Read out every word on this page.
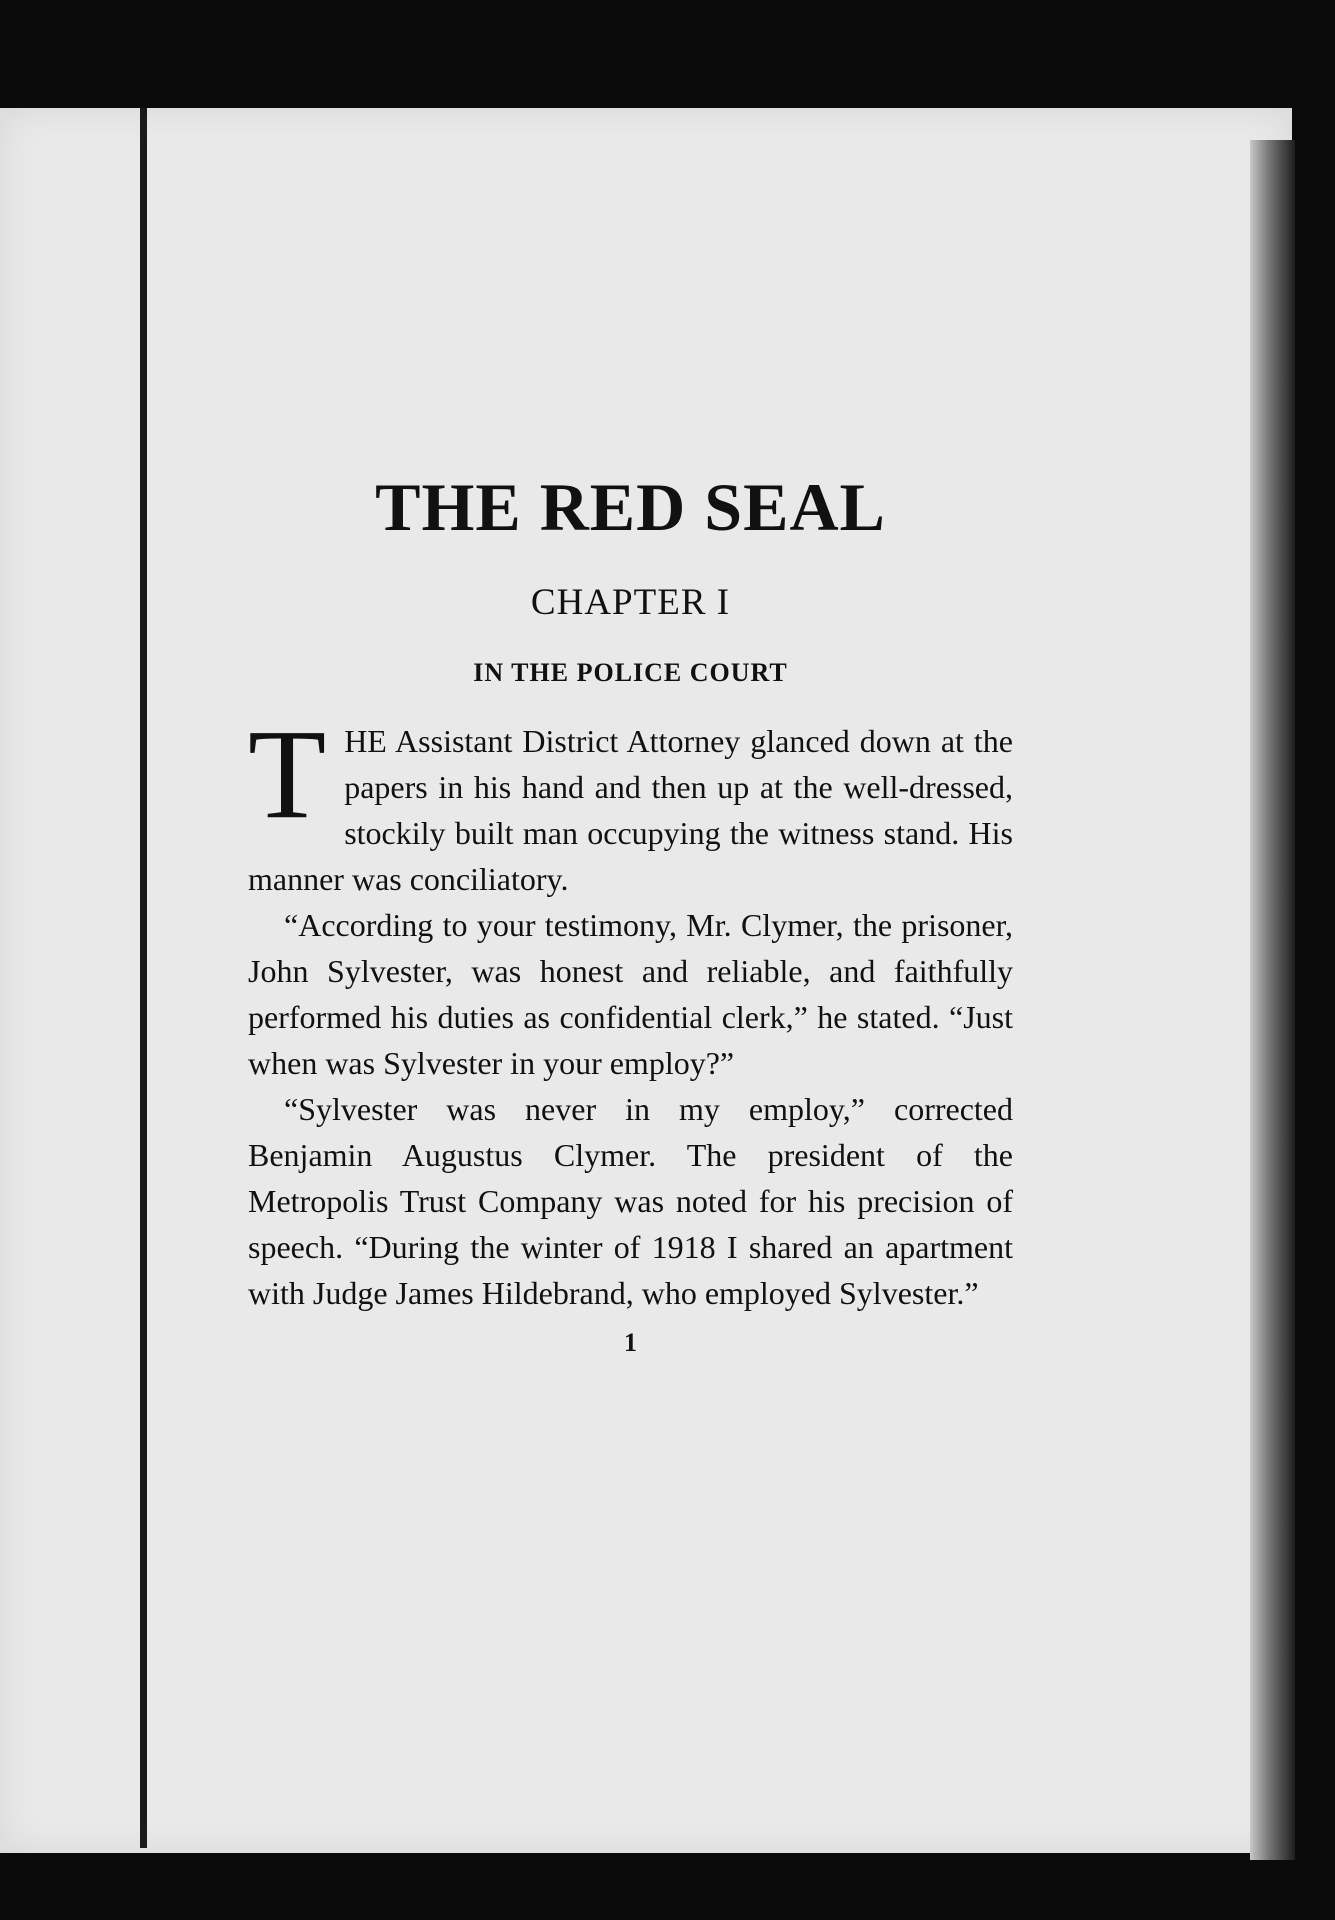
THE RED SEAL
CHAPTER I
IN THE POLICE COURT

THE Assistant District Attorney glanced down at the papers in his hand and then up at the well-dressed, stockily built man occupying the witness stand. His manner was conciliatory.

“According to your testimony, Mr. Clymer, the prisoner, John Sylvester, was honest and reliable, and faithfully performed his duties as confidential clerk,” he stated. “Just when was Sylvester in your employ?”

“Sylvester was never in my employ,” corrected Benjamin Augustus Clymer. The president of the Metropolis Trust Company was noted for his precision of speech. “During the winter of 1918 I shared an apartment with Judge James Hildebrand, who employed Sylvester.”

1
